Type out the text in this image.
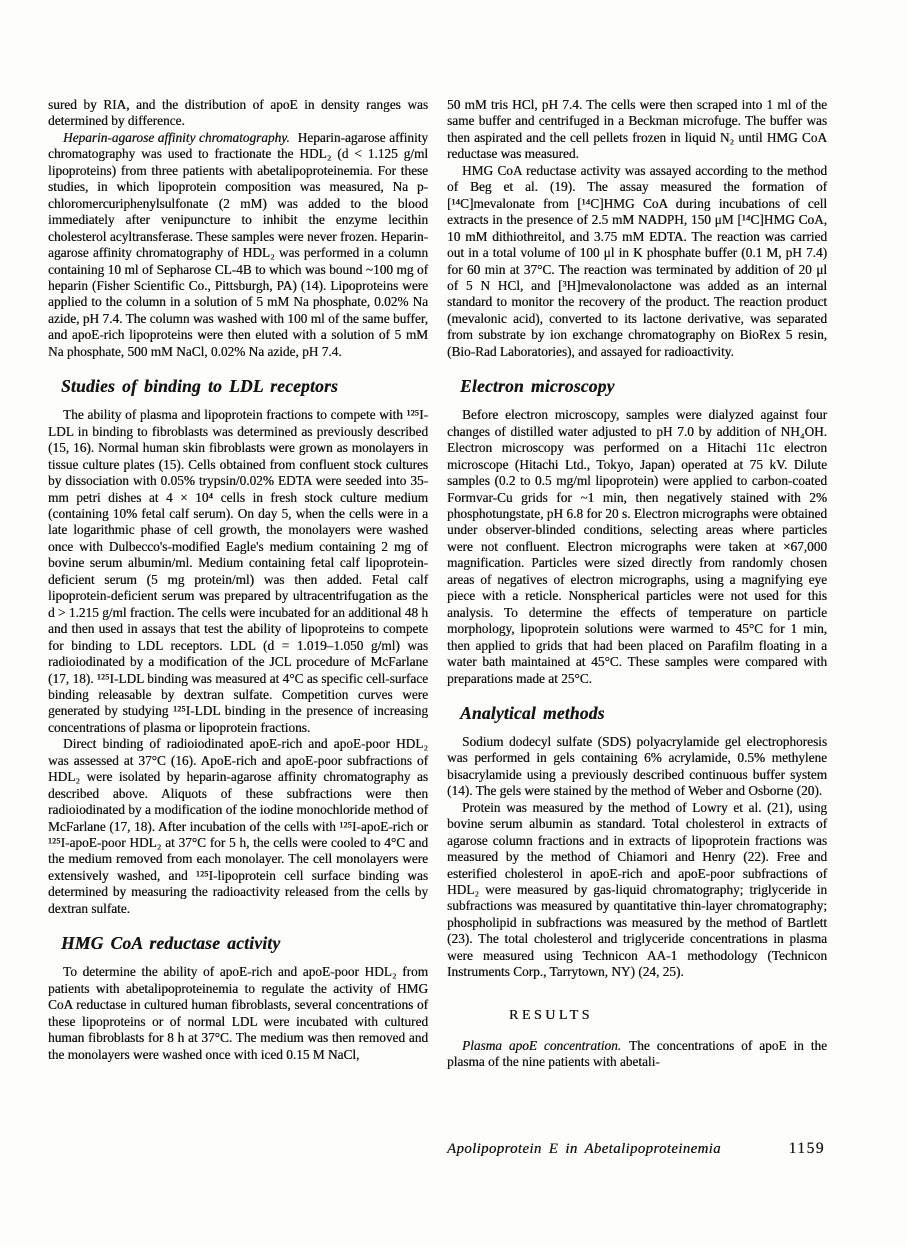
sured by RIA, and the distribution of apoE in density ranges was determined by difference.

Heparin-agarose affinity chromatography. Heparin-agarose affinity chromatography was used to fractionate the HDL₂ (d < 1.125 g/ml lipoproteins) from three patients with abetalipoproteinemia. For these studies, in which lipoprotein composition was measured, Na p-chloromercuriphenylsulfonate (2 mM) was added to the blood immediately after venipuncture to inhibit the enzyme lecithin cholesterol acyltransferase. These samples were never frozen. Heparin-agarose affinity chromatography of HDL₂ was performed in a column containing 10 ml of Sepharose CL-4B to which was bound ~100 mg of heparin (Fisher Scientific Co., Pittsburgh, PA) (14). Lipoproteins were applied to the column in a solution of 5 mM Na phosphate, 0.02% Na azide, pH 7.4. The column was washed with 100 ml of the same buffer, and apoE-rich lipoproteins were then eluted with a solution of 5 mM Na phosphate, 500 mM NaCl, 0.02% Na azide, pH 7.4.

Studies of binding to LDL receptors

The ability of plasma and lipoprotein fractions to compete with ¹²⁵I-LDL in binding to fibroblasts was determined as previously described (15, 16). Normal human skin fibroblasts were grown as monolayers in tissue culture plates (15). Cells obtained from confluent stock cultures by dissociation with 0.05% trypsin/0.02% EDTA were seeded into 35-mm petri dishes at 4 × 10⁴ cells in fresh stock culture medium (containing 10% fetal calf serum). On day 5, when the cells were in a late logarithmic phase of cell growth, the monolayers were washed once with Dulbecco's-modified Eagle's medium containing 2 mg of bovine serum albumin/ml. Medium containing fetal calf lipoprotein-deficient serum (5 mg protein/ml) was then added. Fetal calf lipoprotein-deficient serum was prepared by ultracentrifugation as the d > 1.215 g/ml fraction. The cells were incubated for an additional 48 h and then used in assays that test the ability of lipoproteins to compete for binding to LDL receptors. LDL (d = 1.019–1.050 g/ml) was radioiodinated by a modification of the JCL procedure of McFarlane (17, 18). ¹²⁵I-LDL binding was measured at 4°C as specific cell-surface binding releasable by dextran sulfate. Competition curves were generated by studying ¹²⁵I-LDL binding in the presence of increasing concentrations of plasma or lipoprotein fractions.

Direct binding of radioiodinated apoE-rich and apoE-poor HDL₂ was assessed at 37°C (16). ApoE-rich and apoE-poor subfractions of HDL₂ were isolated by heparin-agarose affinity chromatography as described above. Aliquots of these subfractions were then radioiodinated by a modification of the iodine monochloride method of McFarlane (17, 18). After incubation of the cells with ¹²⁵I-apoE-rich or ¹²⁵I-apoE-poor HDL₂ at 37°C for 5 h, the cells were cooled to 4°C and the medium removed from each monolayer. The cell monolayers were extensively washed, and ¹²⁵I-lipoprotein cell surface binding was determined by measuring the radioactivity released from the cells by dextran sulfate.

HMG CoA reductase activity

To determine the ability of apoE-rich and apoE-poor HDL₂ from patients with abetalipoproteinemia to regulate the activity of HMG CoA reductase in cultured human fibroblasts, several concentrations of these lipoproteins or of normal LDL were incubated with cultured human fibroblasts for 8 h at 37°C. The medium was then removed and the monolayers were washed once with iced 0.15 M NaCl,

50 mM tris HCl, pH 7.4. The cells were then scraped into 1 ml of the same buffer and centrifuged in a Beckman microfuge. The buffer was then aspirated and the cell pellets frozen in liquid N₂ until HMG CoA reductase was measured.

HMG CoA reductase activity was assayed according to the method of Beg et al. (19). The assay measured the formation of [¹⁴C]mevalonate from [¹⁴C]HMG CoA during incubations of cell extracts in the presence of 2.5 mM NADPH, 150 μM [¹⁴C]HMG CoA, 10 mM dithiothreitol, and 3.75 mM EDTA. The reaction was carried out in a total volume of 100 μl in K phosphate buffer (0.1 M, pH 7.4) for 60 min at 37°C. The reaction was terminated by addition of 20 μl of 5 N HCl, and [³H]mevalonolactone was added as an internal standard to monitor the recovery of the product. The reaction product (mevalonic acid), converted to its lactone derivative, was separated from substrate by ion exchange chromatography on BioRex 5 resin, (Bio-Rad Laboratories), and assayed for radioactivity.

Electron microscopy

Before electron microscopy, samples were dialyzed against four changes of distilled water adjusted to pH 7.0 by addition of NH₄OH. Electron microscopy was performed on a Hitachi 11c electron microscope (Hitachi Ltd., Tokyo, Japan) operated at 75 kV. Dilute samples (0.2 to 0.5 mg/ml lipoprotein) were applied to carbon-coated Formvar-Cu grids for ~1 min, then negatively stained with 2% phosphotungstate, pH 6.8 for 20 s. Electron micrographs were obtained under observer-blinded conditions, selecting areas where particles were not confluent. Electron micrographs were taken at ×67,000 magnification. Particles were sized directly from randomly chosen areas of negatives of electron micrographs, using a magnifying eye piece with a reticle. Nonspherical particles were not used for this analysis. To determine the effects of temperature on particle morphology, lipoprotein solutions were warmed to 45°C for 1 min, then applied to grids that had been placed on Parafilm floating in a water bath maintained at 45°C. These samples were compared with preparations made at 25°C.

Analytical methods

Sodium dodecyl sulfate (SDS) polyacrylamide gel electrophoresis was performed in gels containing 6% acrylamide, 0.5% methylene bisacrylamide using a previously described continuous buffer system (14). The gels were stained by the method of Weber and Osborne (20).

Protein was measured by the method of Lowry et al. (21), using bovine serum albumin as standard. Total cholesterol in extracts of agarose column fractions and in extracts of lipoprotein fractions was measured by the method of Chiamori and Henry (22). Free and esterified cholesterol in apoE-rich and apoE-poor subfractions of HDL₂ were measured by gas-liquid chromatography; triglyceride in subfractions was measured by quantitative thin-layer chromatography; phospholipid in subfractions was measured by the method of Bartlett (23). The total cholesterol and triglyceride concentrations in plasma were measured using Technicon AA-1 methodology (Technicon Instruments Corp., Tarrytown, NY) (24, 25).

RESULTS

Plasma apoE concentration. The concentrations of apoE in the plasma of the nine patients with abetali-

Apolipoprotein E in Abetalipoproteinemia	1159
